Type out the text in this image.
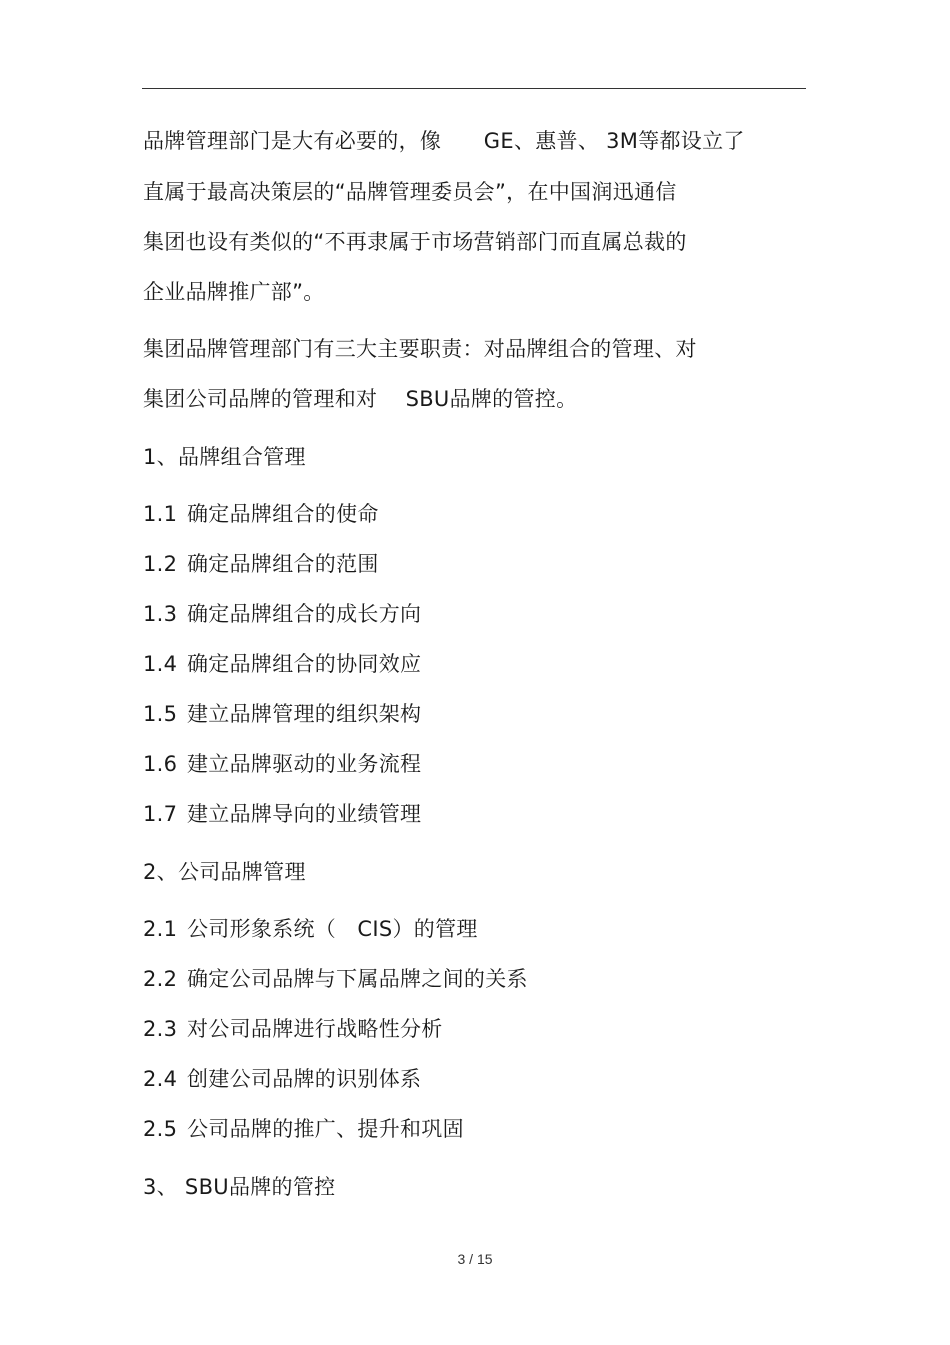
品牌管理部门是大有必要的，像　　GE、惠普、 3M等都设立了
直属于最高决策层的“品牌管理委员会”，在中国润迅通信
集团也设有类似的“不再隶属于市场营销部门而直属总裁的
企业品牌推广部”。
集团品牌管理部门有三大主要职责：对品牌组合的管理、对
集团公司品牌的管理和对　 SBU品牌的管控。
1、品牌组合管理
1.1 确定品牌组合的使命
1.2 确定品牌组合的范围
1.3 确定品牌组合的成长方向
1.4 确定品牌组合的协同效应
1.5 建立品牌管理的组织架构
1.6 建立品牌驱动的业务流程
1.7 建立品牌导向的业绩管理
2、公司品牌管理
2.1 公司形象系统（　CIS）的管理
2.2 确定公司品牌与下属品牌之间的关系
2.3 对公司品牌进行战略性分析
2.4 创建公司品牌的识别体系
2.5 公司品牌的推广、提升和巩固
3、 SBU品牌的管控
3 / 15
